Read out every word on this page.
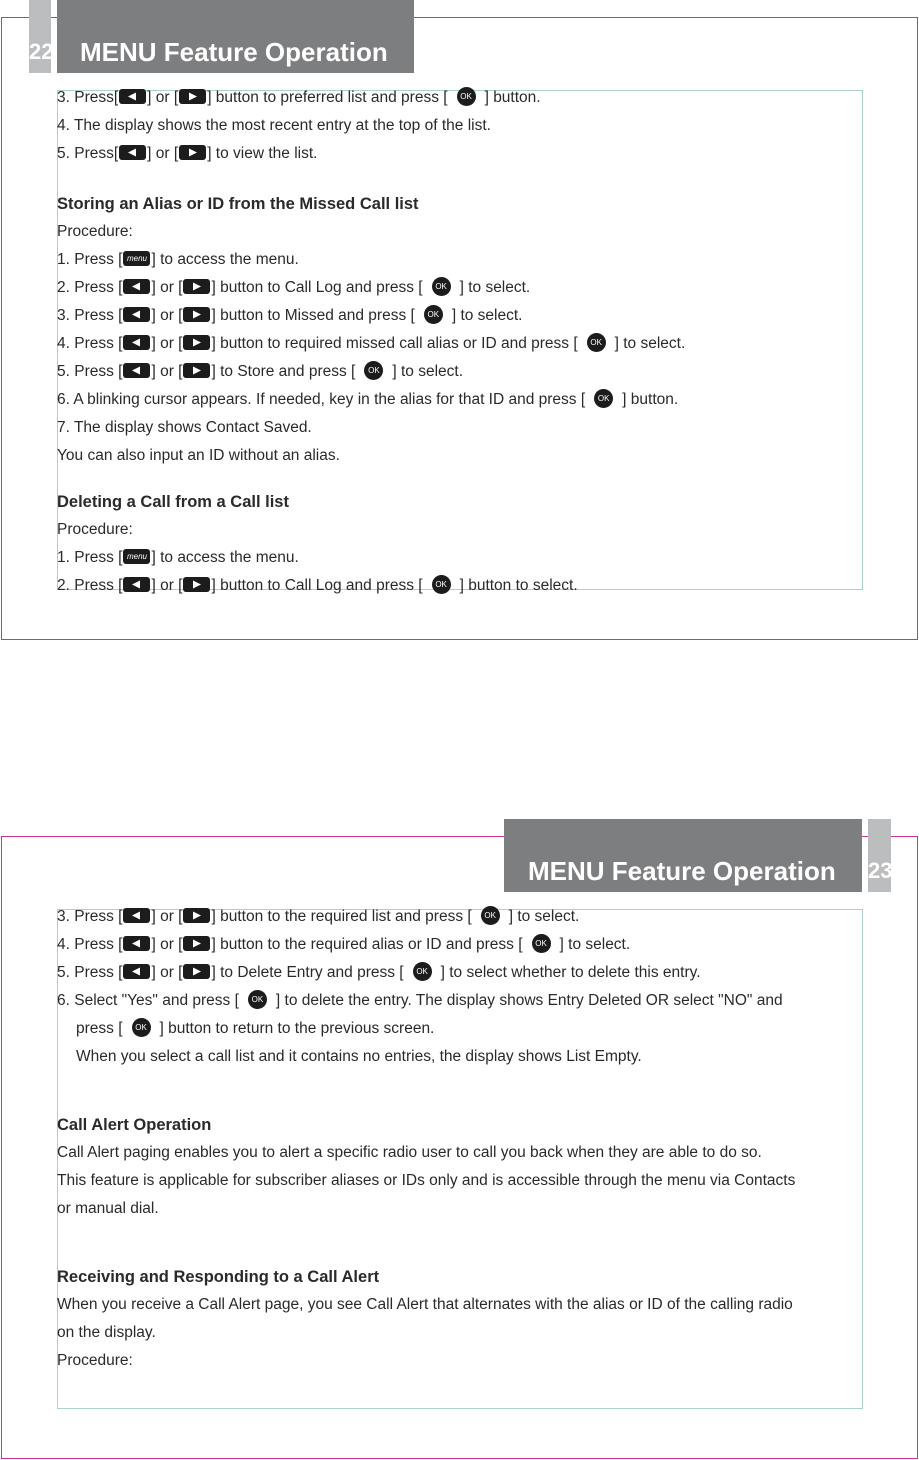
22	MENU Feature Operation
3. Press[ ] or [ ] button to preferred list and press [ OK ] button.
4. The display shows the most recent entry at the top of the list.
5. Press[ ] or [ ] to view the list.
Storing an Alias or ID from the Missed Call list
Procedure:
1. Press [ menu ] to access the menu.
2. Press [ ] or [ ] button to Call Log and press [ OK ] to select.
3. Press [ ] or [ ] button to Missed and press [ OK ] to select.
4. Press [ ] or [ ] button to required missed call alias or ID and press [ OK ] to select.
5. Press [ ] or [ ] to Store and press [ OK ] to select.
6. A blinking cursor appears. If needed, key in the alias for that ID and press [ OK ] button.
7. The display shows Contact Saved.
You can also input an ID without an alias.
Deleting a Call from a Call list
Procedure:
1. Press [ menu ] to access the menu.
2. Press [ ] or [ ] button to Call Log and press [ OK ] button to select.
MENU Feature Operation	23
3. Press [ ] or [ ] button to the required list and press [ OK ] to select.
4. Press [ ] or [ ] button to the required alias or ID and press [ OK ] to select.
5. Press [ ] or [ ] to Delete Entry and press [ OK ] to select whether to delete this entry.
6. Select "Yes" and press [ OK ] to delete the entry. The display shows Entry Deleted OR select "NO" and
press [ OK ] button to return to the previous screen.
When you select a call list and it contains no entries, the display shows List Empty.
Call Alert Operation
Call Alert paging enables you to alert a specific radio user to call you back when they are able to do so.
This feature is applicable for subscriber aliases or IDs only and is accessible through the menu via Contacts
or manual dial.
Receiving and Responding to a Call Alert
When you receive a Call Alert page, you see Call Alert that alternates with the alias or ID of the calling radio
on the display.
Procedure:
